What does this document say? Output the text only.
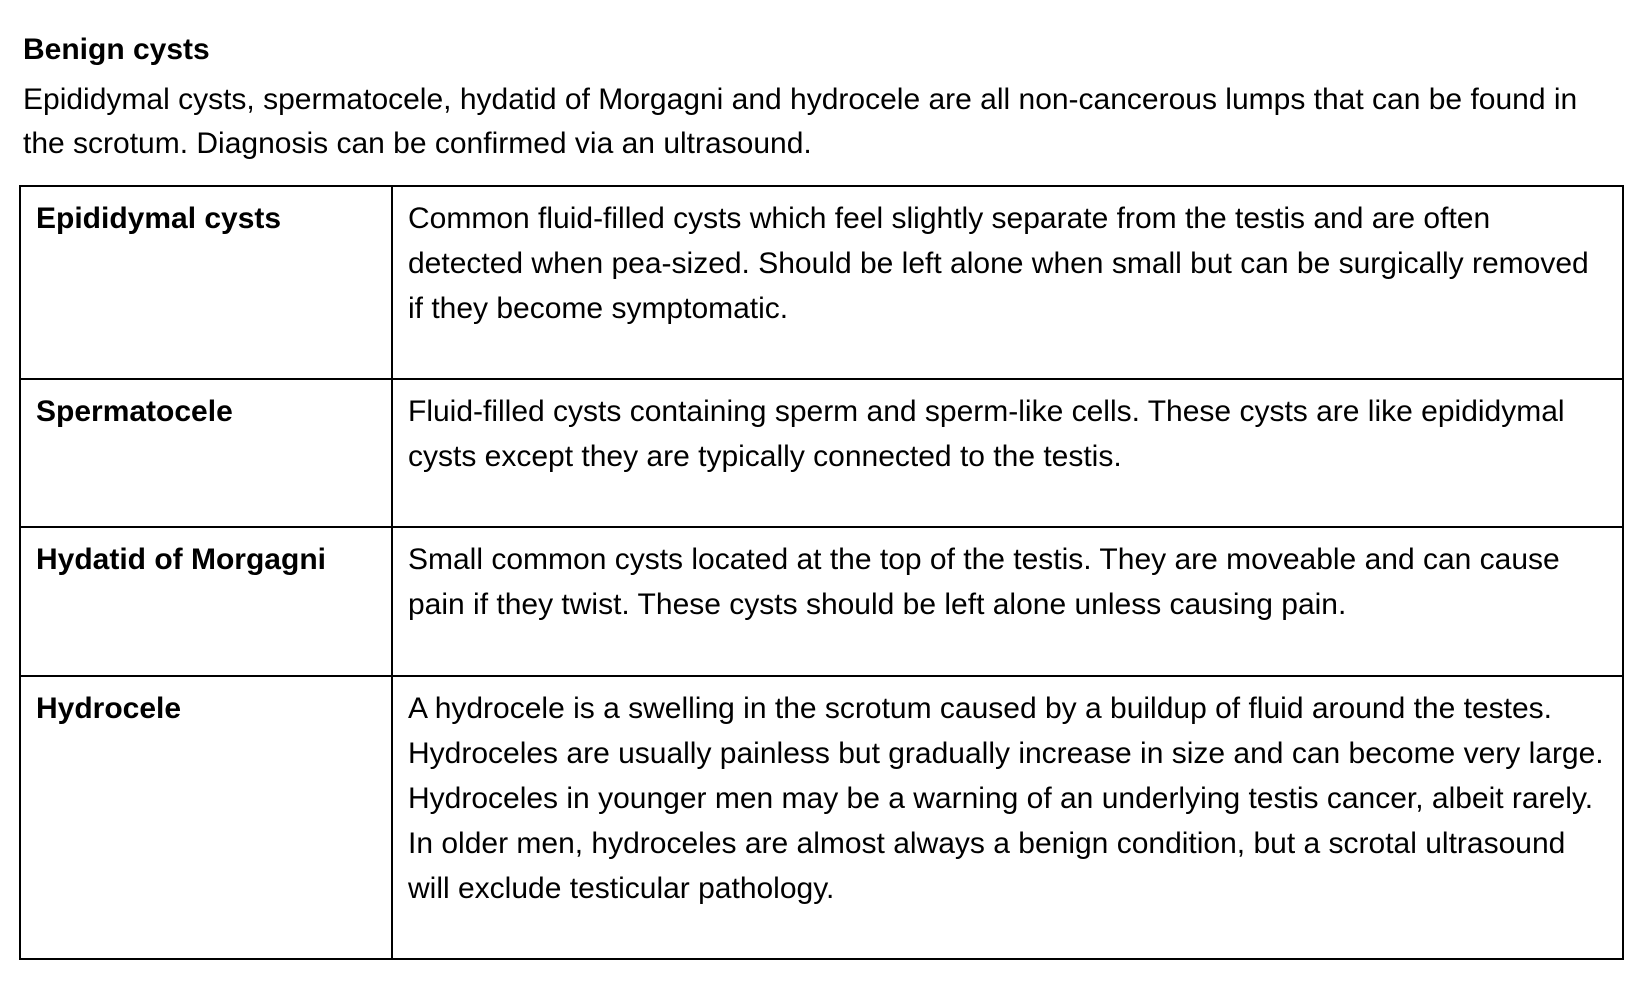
Benign cysts

Epididymal cysts, spermatocele, hydatid of Morgagni and hydrocele are all non-cancerous lumps that can be found in the scrotum. Diagnosis can be confirmed via an ultrasound.

Epididymal cysts	Common fluid-filled cysts which feel slightly separate from the testis and are often detected when pea-sized. Should be left alone when small but can be surgically removed if they become symptomatic.
Spermatocele	Fluid-filled cysts containing sperm and sperm-like cells. These cysts are like epididymal cysts except they are typically connected to the testis.
Hydatid of Morgagni	Small common cysts located at the top of the testis. They are moveable and can cause pain if they twist. These cysts should be left alone unless causing pain.
Hydrocele	A hydrocele is a swelling in the scrotum caused by a buildup of fluid around the testes. Hydroceles are usually painless but gradually increase in size and can become very large. Hydroceles in younger men may be a warning of an underlying testis cancer, albeit rarely. In older men, hydroceles are almost always a benign condition, but a scrotal ultrasound will exclude testicular pathology.
